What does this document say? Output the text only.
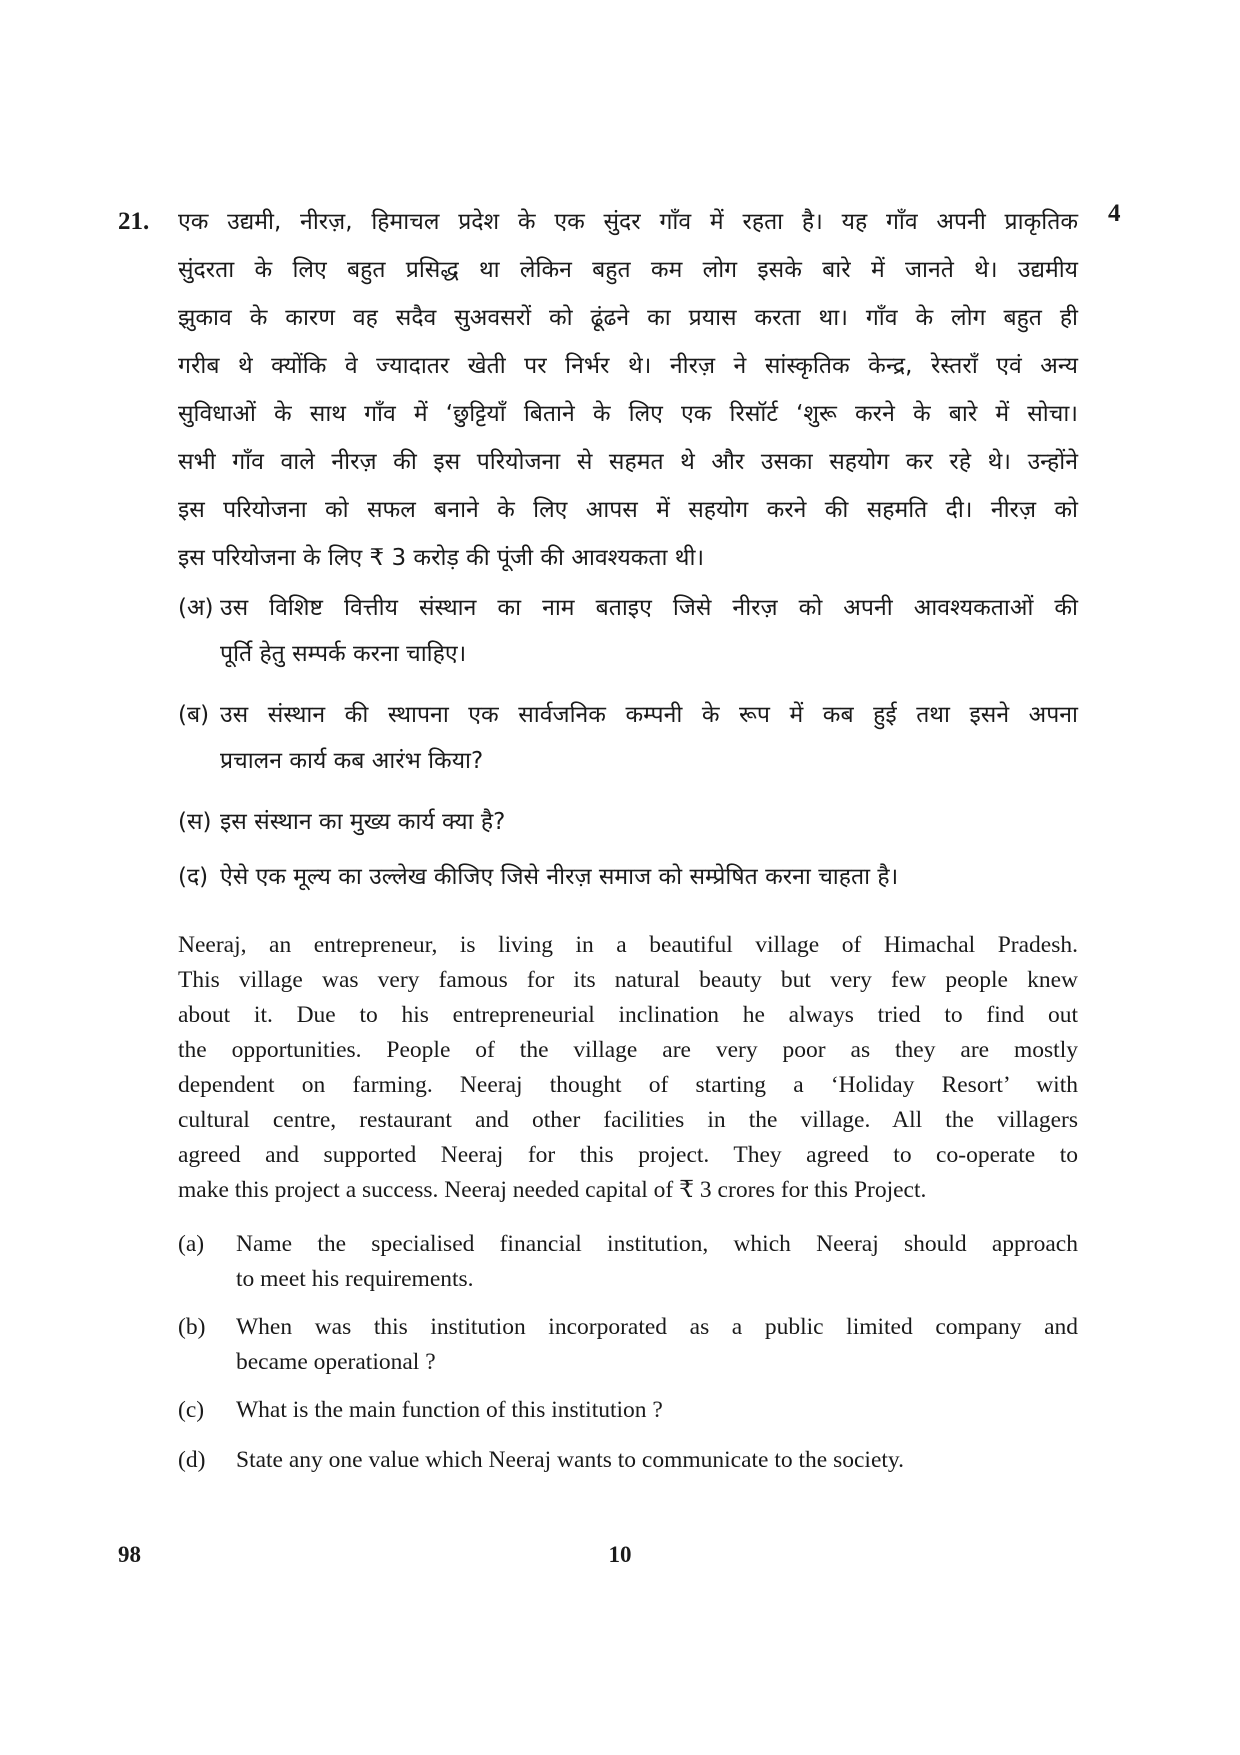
21.	4
एक उद्यमी, नीरज़, हिमाचल प्रदेश के एक सुंदर गाँव में रहता है। यह गाँव अपनी प्राकृतिक
सुंदरता के लिए बहुत प्रसिद्ध था लेकिन बहुत कम लोग इसके बारे में जानते थे। उद्यमीय
झुकाव के कारण वह सदैव सुअवसरों को ढूंढने का प्रयास करता था। गाँव के लोग बहुत ही
गरीब थे क्योंकि वे ज्यादातर खेती पर निर्भर थे। नीरज़ ने सांस्कृतिक केन्द्र, रेस्तराँ एवं अन्य
सुविधाओं के साथ गाँव में ‘छुट्टियाँ बिताने के लिए एक रिसॉर्ट ‘शुरू करने के बारे में सोचा।
सभी गाँव वाले नीरज़ की इस परियोजना से सहमत थे और उसका सहयोग कर रहे थे। उन्होंने
इस परियोजना को सफल बनाने के लिए आपस में सहयोग करने की सहमति दी। नीरज़ को
इस परियोजना के लिए ₹ 3 करोड़ की पूंजी की आवश्यकता थी।
(अ) उस विशिष्ट वित्तीय संस्थान का नाम बताइए जिसे नीरज़ को अपनी आवश्यकताओं की
पूर्ति हेतु सम्पर्क करना चाहिए।
(ब) उस संस्थान की स्थापना एक सार्वजनिक कम्पनी के रूप में कब हुई तथा इसने अपना
प्रचालन कार्य कब आरंभ किया?
(स) इस संस्थान का मुख्य कार्य क्या है?
(द) ऐसे एक मूल्य का उल्लेख कीजिए जिसे नीरज़ समाज को सम्प्रेषित करना चाहता है।
Neeraj, an entrepreneur, is living in a beautiful village of Himachal Pradesh.
This village was very famous for its natural beauty but very few people knew
about it. Due to his entrepreneurial inclination he always tried to find out
the opportunities. People of the village are very poor as they are mostly
dependent on farming. Neeraj thought of starting a ‘Holiday Resort’ with
cultural centre, restaurant and other facilities in the village. All the villagers
agreed and supported Neeraj for this project. They agreed to co-operate to
make this project a success. Neeraj needed capital of ₹ 3 crores for this Project.
(a) Name the specialised financial institution, which Neeraj should approach
to meet his requirements.
(b) When was this institution incorporated as a public limited company and
became operational ?
(c) What is the main function of this institution ?
(d) State any one value which Neeraj wants to communicate to the society.
98	10
